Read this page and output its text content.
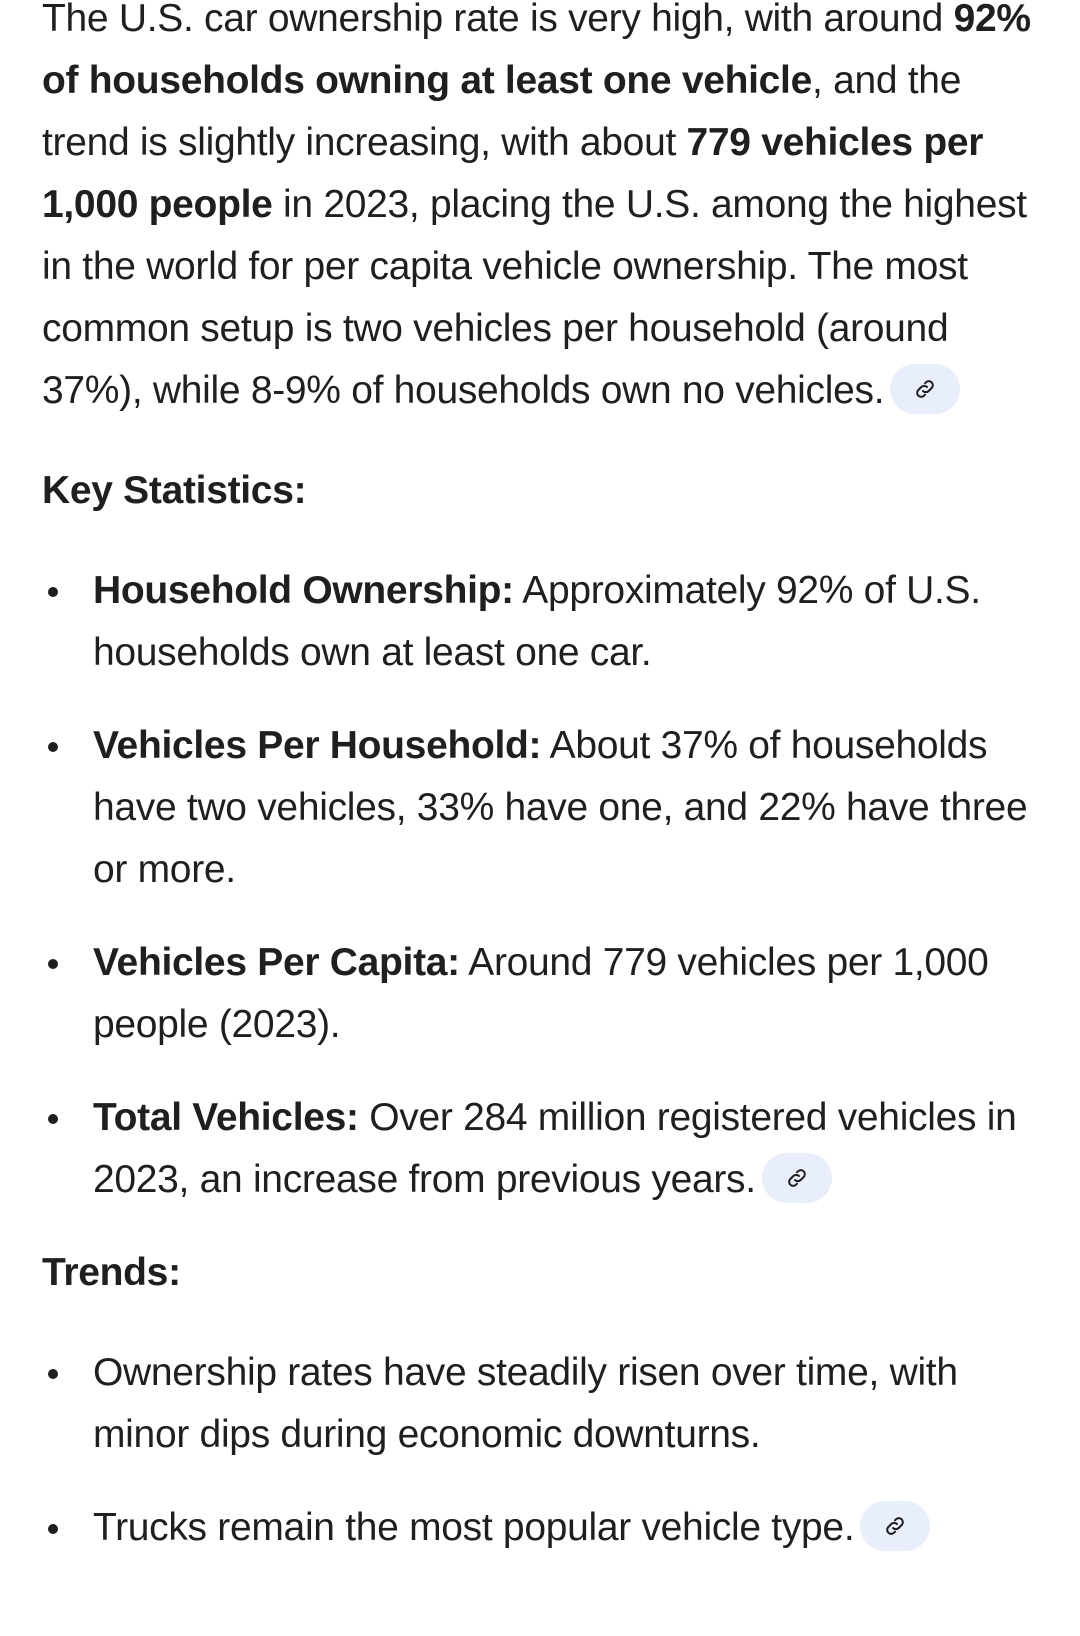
The U.S. car ownership rate is very high, with around 92% of households owning at least one vehicle, and the trend is slightly increasing, with about 779 vehicles per 1,000 people in 2023, placing the U.S. among the highest in the world for per capita vehicle ownership. The most common setup is two vehicles per household (around 37%), while 8-9% of households own no vehicles.

Key Statistics:
Household Ownership: Approximately 92% of U.S. households own at least one car.
Vehicles Per Household: About 37% of households have two vehicles, 33% have one, and 22% have three or more.
Vehicles Per Capita: Around 779 vehicles per 1,000 people (2023).
Total Vehicles: Over 284 million registered vehicles in 2023, an increase from previous years.
Trends:
Ownership rates have steadily risen over time, with minor dips during economic downturns.
Trucks remain the most popular vehicle type.
